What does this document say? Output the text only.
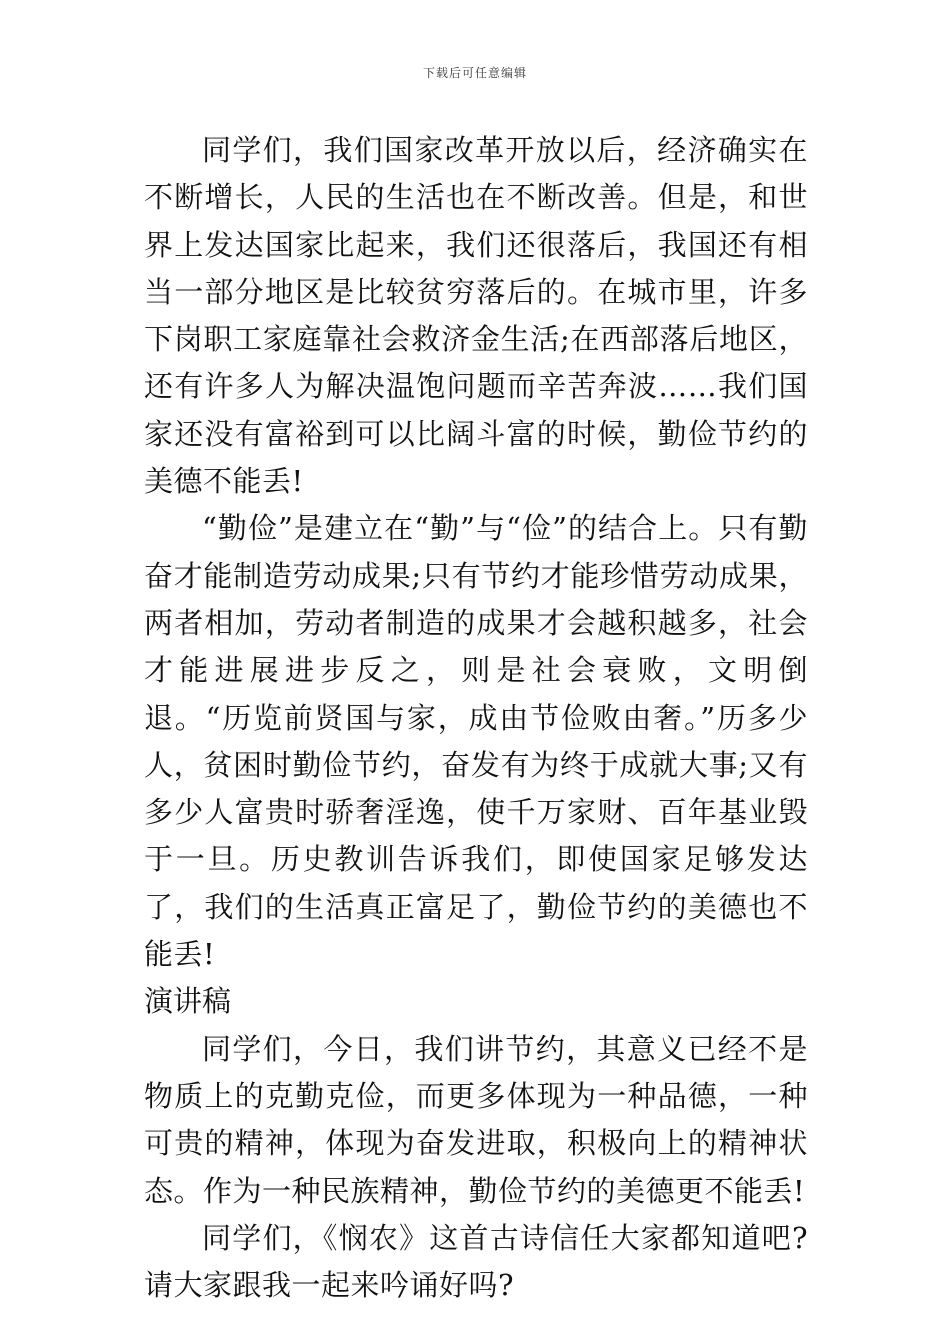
下载后可任意编辑

同学们，我们国家改革开放以后，经济确实在不断增长，人民的生活也在不断改善。但是，和世界上发达国家比起来，我们还很落后，我国还有相当一部分地区是比较贫穷落后的。在城市里，许多下岗职工家庭靠社会救济金生活;在西部落后地区，还有许多人为解决温饱问题而辛苦奔波……我们国家还没有富裕到可以比阔斗富的时候，勤俭节约的美德不能丢!

“勤俭”是建立在“勤”与“俭”的结合上。只有勤奋才能制造劳动成果;只有节约才能珍惜劳动成果，两者相加，劳动者制造的成果才会越积越多，社会才能进展进步反之，则是社会衰败，文明倒退。“历览前贤国与家，成由节俭败由奢。”历多少人，贫困时勤俭节约，奋发有为终于成就大事;又有多少人富贵时骄奢淫逸，使千万家财、百年基业毁于一旦。历史教训告诉我们，即使国家足够发达了，我们的生活真正富足了，勤俭节约的美德也不能丢!

演讲稿

同学们，今日，我们讲节约，其意义已经不是物质上的克勤克俭，而更多体现为一种品德，一种可贵的精神，体现为奋发进取，积极向上的精神状态。作为一种民族精神，勤俭节约的美德更不能丢!

同学们，《悯农》这首古诗信任大家都知道吧?请大家跟我一起来吟诵好吗?
